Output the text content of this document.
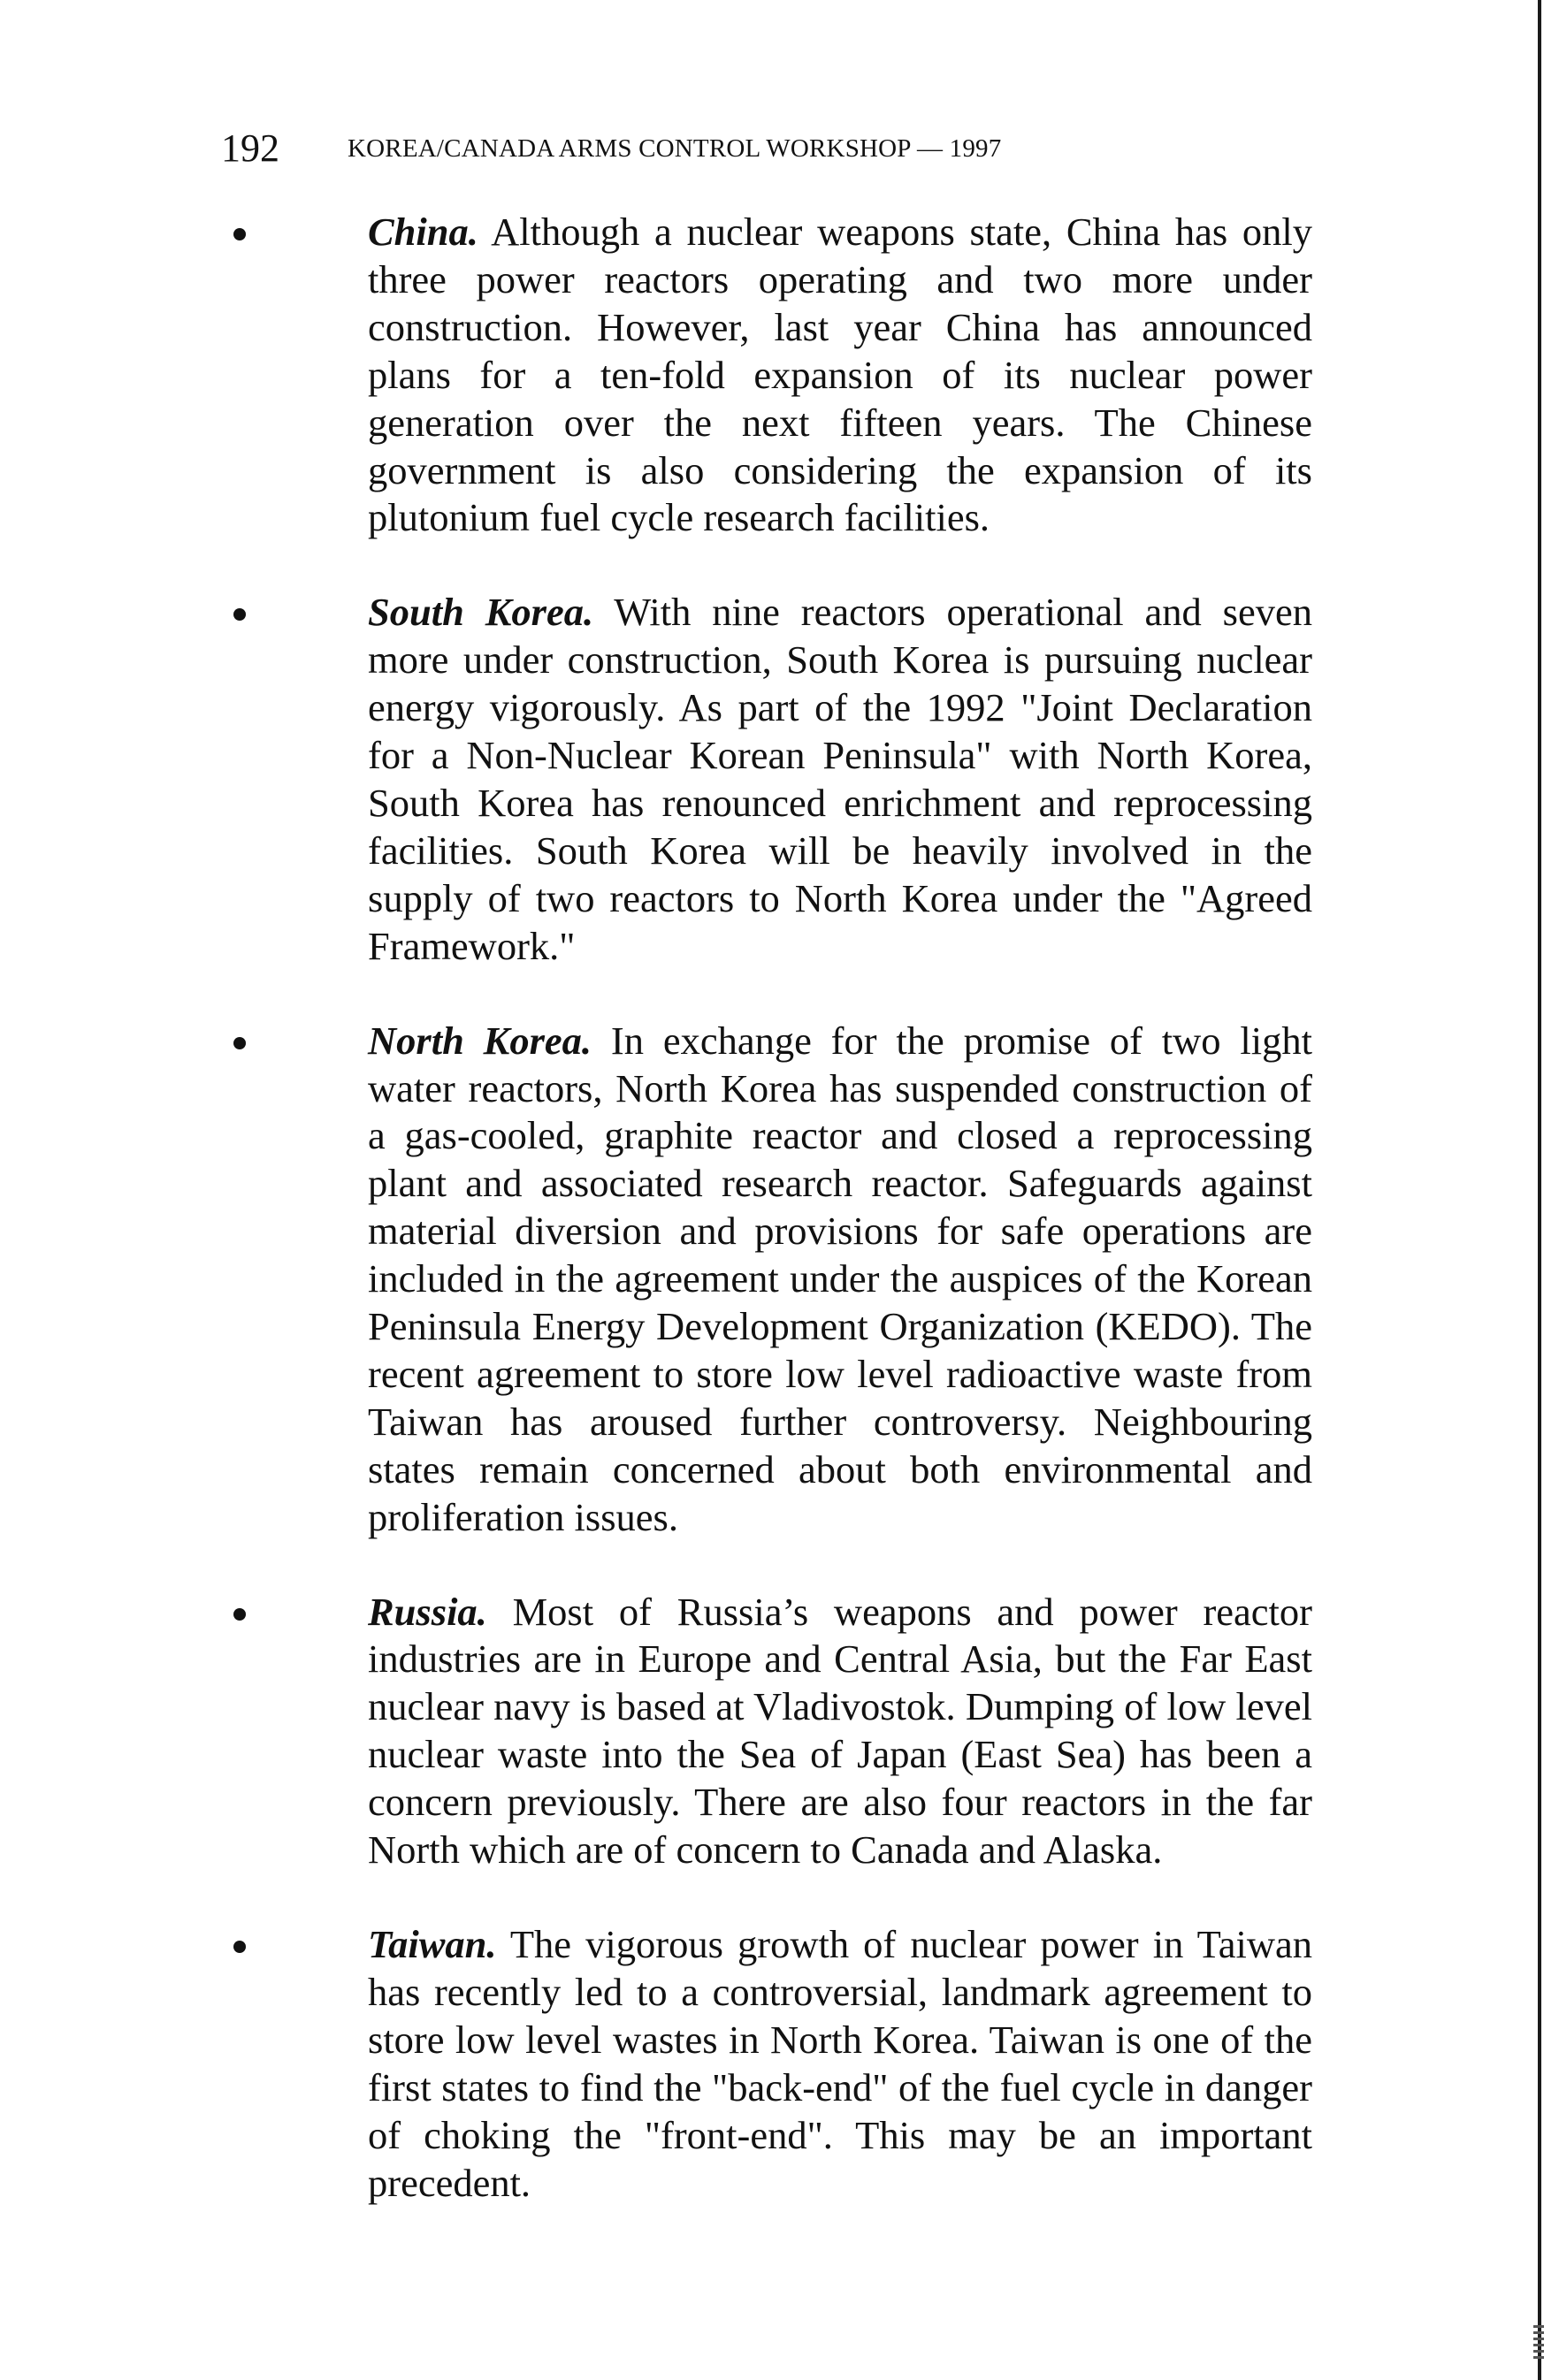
192	KOREA/CANADA ARMS CONTROL WORKSHOP — 1997

China. Although a nuclear weapons state, China has only three power reactors operating and two more under construction. However, last year China has announced plans for a ten-fold expansion of its nuclear power generation over the next fifteen years. The Chinese government is also considering the expansion of its plutonium fuel cycle research facilities.

South Korea. With nine reactors operational and seven more under construction, South Korea is pursuing nuclear energy vigorously. As part of the 1992 "Joint Declaration for a Non-Nuclear Korean Peninsula" with North Korea, South Korea has renounced enrichment and reprocessing facilities. South Korea will be heavily involved in the supply of two reactors to North Korea under the "Agreed Framework."

North Korea. In exchange for the promise of two light water reactors, North Korea has suspended construction of a gas-cooled, graphite reactor and closed a reprocessing plant and associated research reactor. Safeguards against material diversion and provisions for safe operations are included in the agreement under the auspices of the Korean Peninsula Energy Development Organization (KEDO). The recent agreement to store low level radioactive waste from Taiwan has aroused further controversy. Neighbouring states remain concerned about both environmental and proliferation issues.

Russia. Most of Russia’s weapons and power reactor industries are in Europe and Central Asia, but the Far East nuclear navy is based at Vladivostok. Dumping of low level nuclear waste into the Sea of Japan (East Sea) has been a concern previously. There are also four reactors in the far North which are of concern to Canada and Alaska.

Taiwan. The vigorous growth of nuclear power in Taiwan has recently led to a controversial, landmark agreement to store low level wastes in North Korea. Taiwan is one of the first states to find the "back-end" of the fuel cycle in danger of choking the "front-end". This may be an important precedent.
